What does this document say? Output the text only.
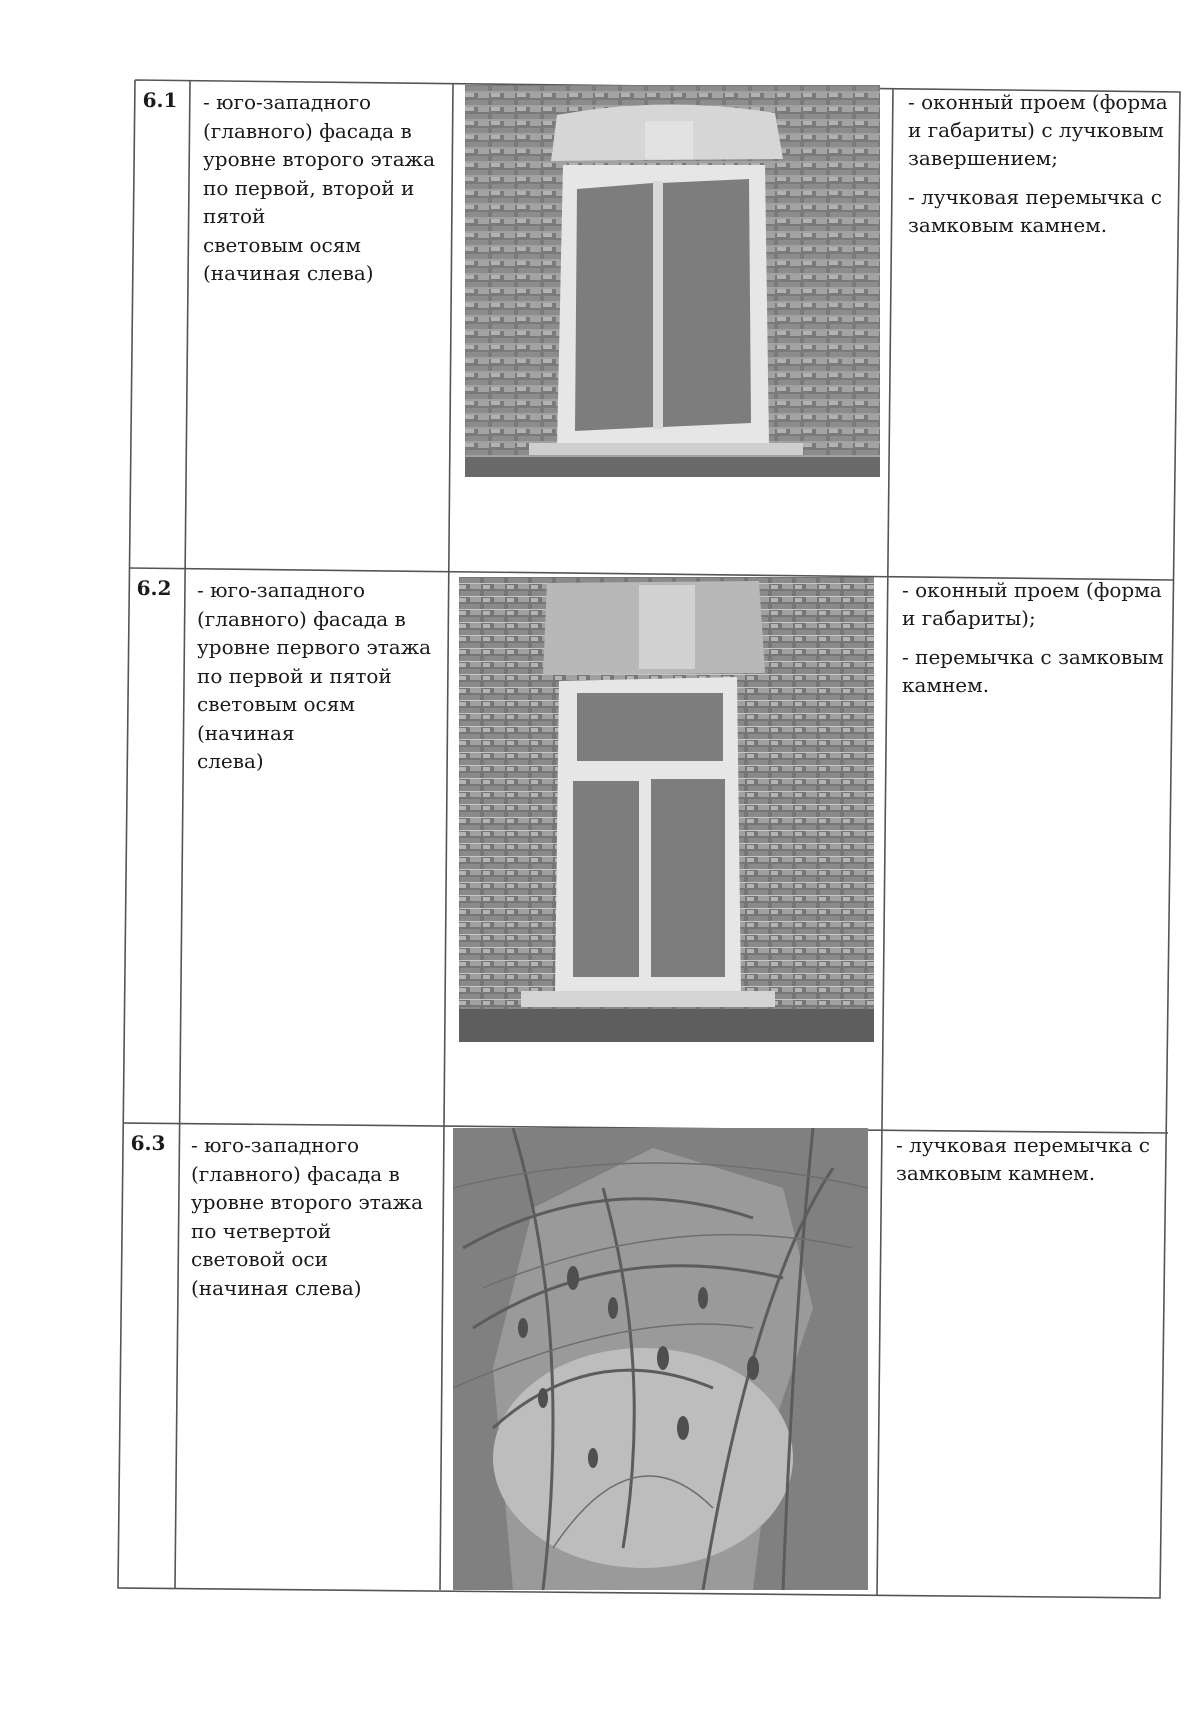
6.1	- юго-западного
(главного) фасада в
уровне второго этажа
по первой, второй и
пятой
световым осям
(начиная слева)

- оконный проем (форма и габариты) с лучковым завершением;

- лучковая перемычка с замковым камнем.

6.2	- юго-западного
(главного) фасада в
уровне первого этажа
по первой и пятой
световым осям
(начиная
слева)

- оконный проем (форма и габариты);

- перемычка с замковым камнем.

6.3	- юго-западного
(главного) фасада в
уровне второго этажа
по четвертой
световой оси
(начиная слева)

- лучковая перемычка с замковым камнем.
